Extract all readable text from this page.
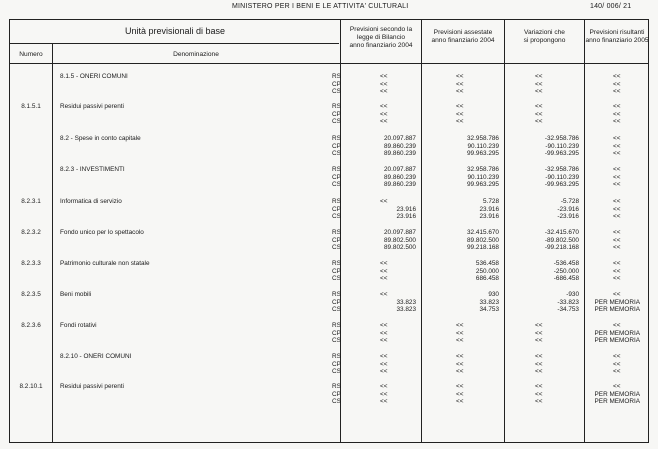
MINISTERO PER I BENI E LE ATTIVITA' CULTURALI	140/ 006/ 21
Unità previsionali di base
Numero	Denominazione
Previsioni secondo la
legge di Bilancio
anno finanziario 2004
Previsioni assestate
anno finanziario 2004
Variazioni che
si propongono
Previsioni risultanti
anno finanziario 2005
8.1.5 - ONERI COMUNI	RS	<<	<<	<<	<<
CP	<<	<<	<<	<<
CS	<<	<<	<<	<<
8.1.5.1	Residui passivi perenti	RS	<<	<<	<<	<<
CP	<<	<<	<<	<<
CS	<<	<<	<<	<<
8.2 - Spese in conto capitale	RS	20.097.887	32.958.786	-32.958.786	<<
CP	89.860.239	90.110.239	-90.110.239	<<
CS	89.860.239	99.963.295	-99.963.295	<<
8.2.3 - INVESTIMENTI	RS	20.097.887	32.958.786	-32.958.786	<<
CP	89.860.239	90.110.239	-90.110.239	<<
CS	89.860.239	99.963.295	-99.963.295	<<
8.2.3.1	Informatica di servizio	RS	<<	5.728	-5.728	<<
CP	23.916	23.916	-23.916	<<
CS	23.916	23.916	-23.916	<<
8.2.3.2	Fondo unico per lo spettacolo	RS	20.097.887	32.415.670	-32.415.670	<<
CP	89.802.500	89.802.500	-89.802.500	<<
CS	89.802.500	99.218.168	-99.218.168	<<
8.2.3.3	Patrimonio culturale non statale	RS	<<	536.458	-536.458	<<
CP	<<	250.000	-250.000	<<
CS	<<	686.458	-686.458	<<
8.2.3.5	Beni mobili	RS	<<	930	-930	<<
CP	33.823	33.823	-33.823	PER MEMORIA
CS	33.823	34.753	-34.753	PER MEMORIA
8.2.3.6	Fondi rotativi	RS	<<	<<	<<	<<
CP	<<	<<	<<	PER MEMORIA
CS	<<	<<	<<	PER MEMORIA
8.2.10 - ONERI COMUNI	RS	<<	<<	<<	<<
CP	<<	<<	<<	<<
CS	<<	<<	<<	<<
8.2.10.1	Residui passivi perenti	RS	<<	<<	<<	<<
CP	<<	<<	<<	PER MEMORIA
CS	<<	<<	<<	PER MEMORIA
